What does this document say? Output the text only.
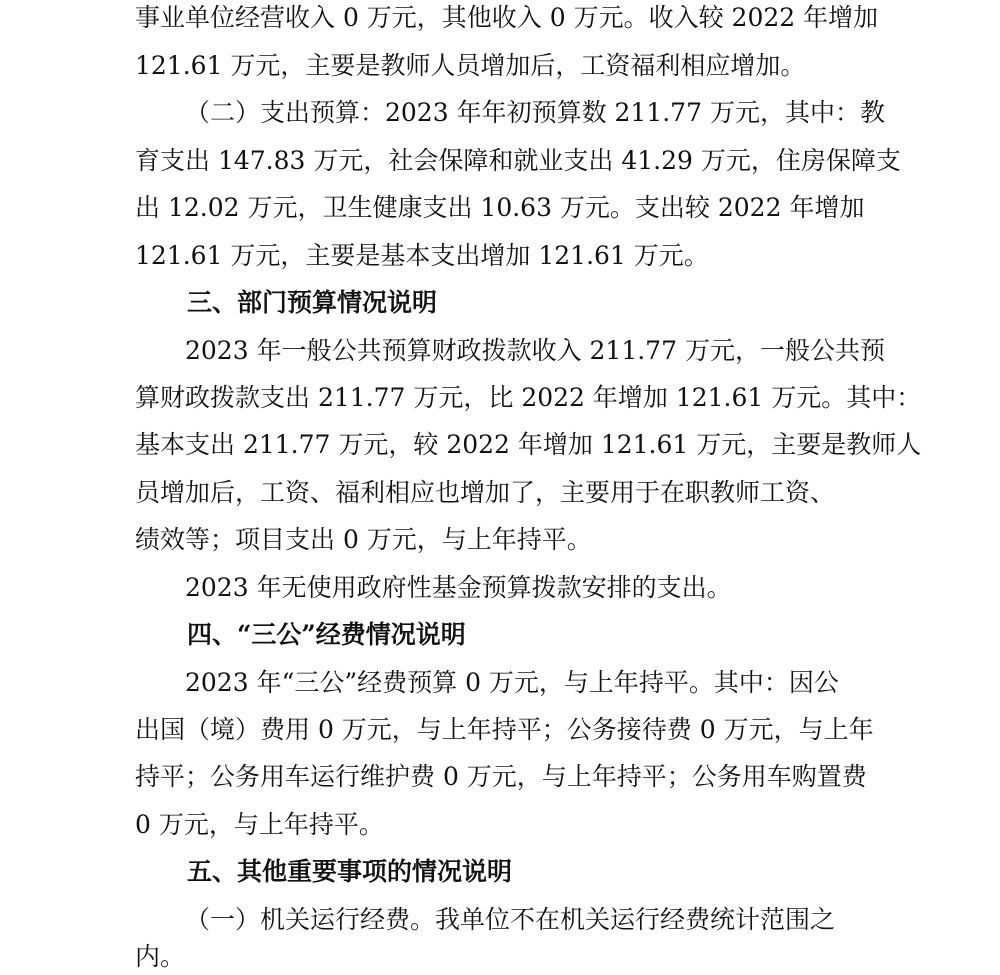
事业单位经营收入 0 万元，其他收入 0 万元。收入较 2022 年增加

121.61 万元，主要是教师人员增加后，工资福利相应增加。

（二）支出预算：2023 年年初预算数 211.77 万元，其中：教

育支出 147.83 万元，社会保障和就业支出 41.29 万元，住房保障支

出 12.02 万元，卫生健康支出 10.63 万元。支出较 2022 年增加

121.61 万元，主要是基本支出增加 121.61 万元。

三、部门预算情况说明

2023 年一般公共预算财政拨款收入 211.77 万元，一般公共预

算财政拨款支出 211.77 万元，比 2022 年增加 121.61 万元。其中：

基本支出 211.77 万元，较 2022 年增加 121.61 万元，主要是教师人

员增加后，工资、福利相应也增加了，主要用于在职教师工资、

绩效等；项目支出 0 万元，与上年持平。

2023 年无使用政府性基金预算拨款安排的支出。

四、“三公”经费情况说明

2023 年“三公”经费预算 0 万元，与上年持平。其中：因公

出国（境）费用 0 万元，与上年持平；公务接待费 0 万元，与上年

持平；公务用车运行维护费 0 万元，与上年持平；公务用车购置费

0 万元，与上年持平。

五、其他重要事项的情况说明

（一）机关运行经费。我单位不在机关运行经费统计范围之

内。
